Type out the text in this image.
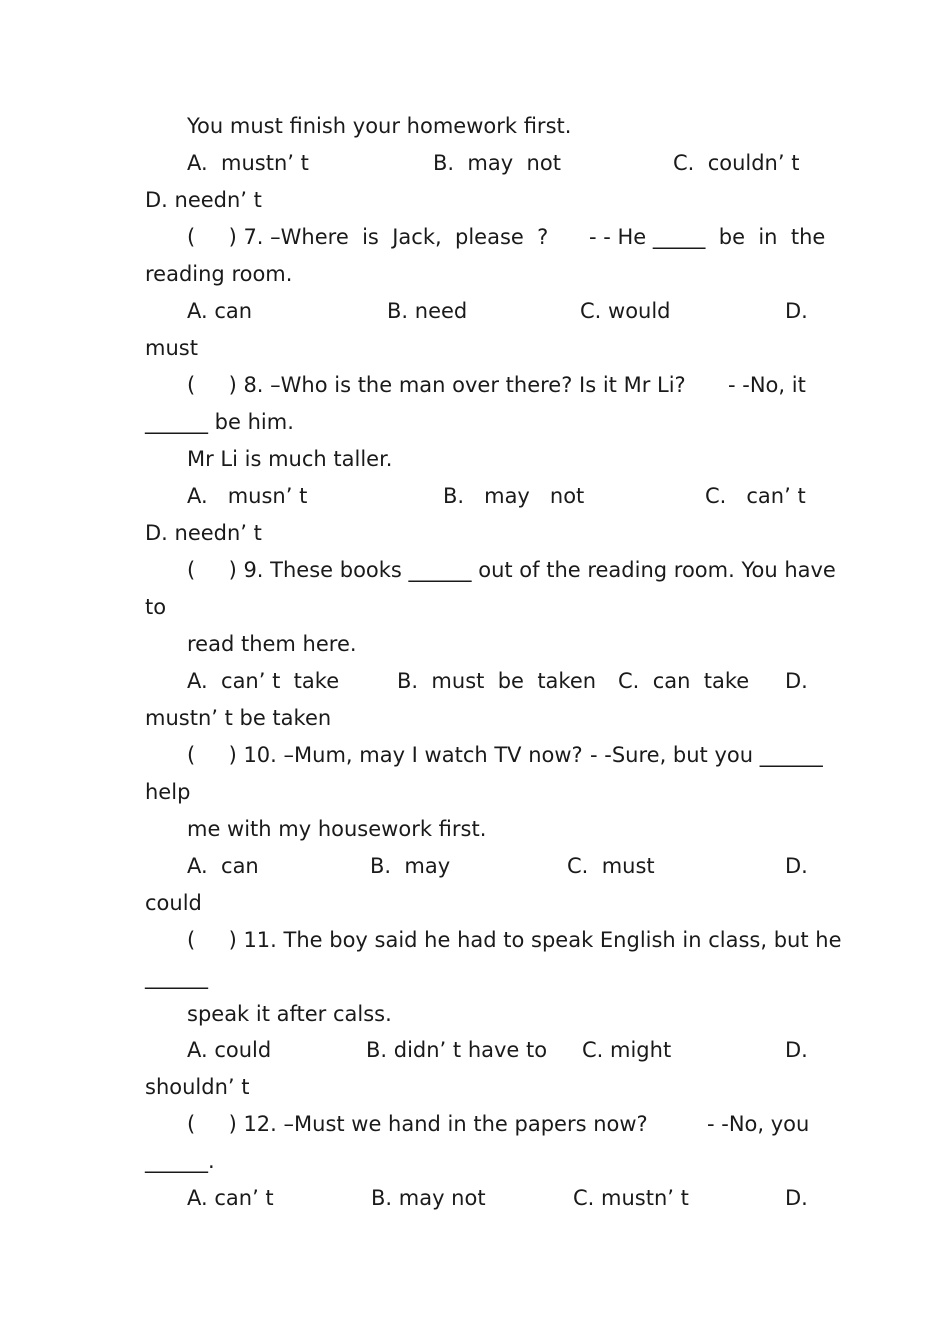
You must finish your homework first.
A.  mustn’ t	B.  may  not	C.  couldn’ t
D. needn’ t
(     ) 7. –Where  is  Jack,  please  ? - - He _____  be  in  the
reading room.
A. can	B. need	C. would	D.
must
(     ) 8. –Who is the man over there? Is it Mr Li? - -No, it
______ be him.
Mr Li is much taller.
A.   musn’ t	B.   may   not	C.   can’ t
D. needn’ t
(     ) 9. These books ______ out of the reading room. You have
to
read them here.
A.  can’ t  take	B.  must  be  taken C.  can  take D.
mustn’ t be taken
(     ) 10. –Mum, may I watch TV now? - -Sure, but you ______
help
me with my housework first.
A.  can	B.  may	C.  must	D.
could
(     ) 11. The boy said he had to speak English in class, but he
______
speak it after calss.
A. could	B. didn’ t have to C. might	D.
shouldn’ t
(     ) 12. –Must we hand in the papers now?	- -No, you
______.
A. can’ t	B. may not	C. mustn’ t	D.
